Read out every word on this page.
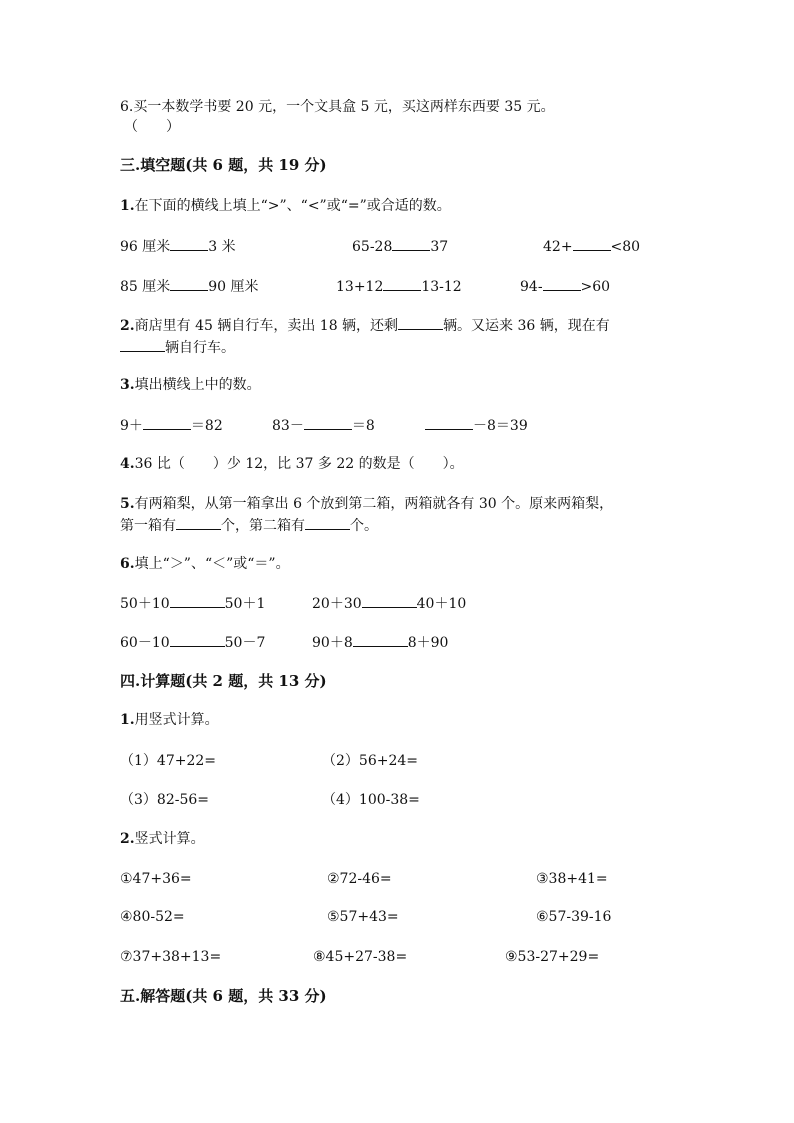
6.买一本数学书要 20 元，一个文具盒 5 元，买这两样东西要 35 元。
（　　）
三.填空题(共 6 题，共 19 分)
1.在下面的横线上填上“>”、“<”或“=”或合适的数。
96 厘米	3 米	65-28	37	42+	<80
85 厘米	90 厘米	13+12	13-12	94-	>60
2.商店里有 45 辆自行车，卖出 18 辆，还剩	辆。又运来 36 辆，现在有
辆自行车。
3.填出横线上中的数。
9＋	＝82	83－	＝8	－8＝39
4.36 比（　　）少 12，比 37 多 22 的数是（　　）。
5.有两箱梨，从第一箱拿出 6 个放到第二箱，两箱就各有 30 个。原来两箱梨，
第一箱有	个，第二箱有	个。
6.填上“＞”、“＜”或“＝”。
50＋10	50＋1	20＋30	40＋10
60－10	50－7	90＋8	8＋90
四.计算题(共 2 题，共 13 分)
1.用竖式计算。
（1）47+22=	（2）56+24=
（3）82-56=	（4）100-38=
2.竖式计算。
①47+36=	②72-46=	③38+41=
④80-52=	⑤57+43=	⑥57-39-16
⑦37+38+13=	⑧45+27-38=	⑨53-27+29=
五.解答题(共 6 题，共 33 分)
